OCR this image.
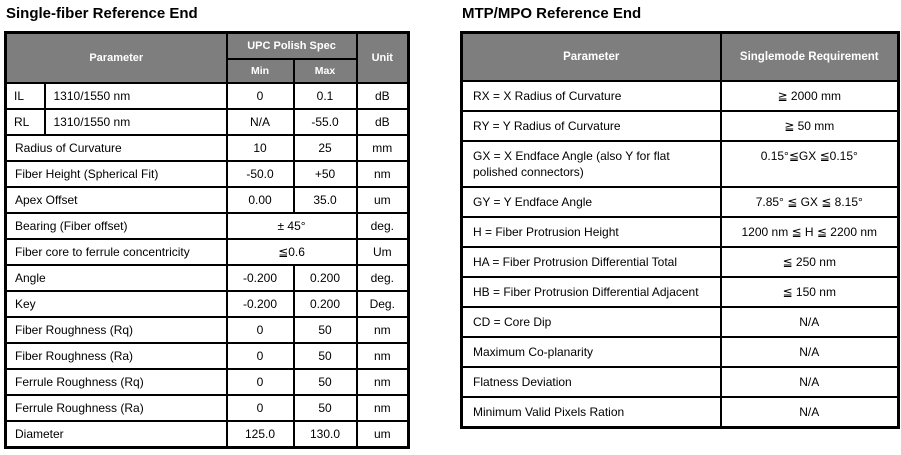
Single-fiber Reference End
Parameter		UPC Polish Spec		Unit
		Min	Max	
IL	1310/1550 nm	0	0.1	dB
RL	1310/1550 nm	N/A	-55.0	dB
Radius of Curvature		10	25	mm
Fiber Height (Spherical Fit)		-50.0	+50	nm
Apex Offset		0.00	35.0	um
Bearing (Fiber offset)		± 45°		deg.
Fiber core to ferrule concentricity		≦0.6		Um
Angle		-0.200	0.200	deg.
Key		-0.200	0.200	Deg.
Fiber Roughness (Rq)		0	50	nm
Fiber Roughness (Ra)		0	50	nm
Ferrule Roughness (Rq)		0	50	nm
Ferrule Roughness (Ra)		0	50	nm
Diameter		125.0	130.0	um
MTP/MPO Reference End
Parameter	Singlemode Requirement
RX = X Radius of Curvature	≧ 2000 mm
RY = Y Radius of Curvature	≧ 50 mm
GX = X Endface Angle (also Y for flat polished connectors)	0.15°≦GX ≦0.15°
GY = Y Endface Angle	7.85° ≦ GX ≦ 8.15°
H = Fiber Protrusion Height	1200 nm ≦ H ≦ 2200 nm
HA = Fiber Protrusion Differential Total	≦ 250 nm
HB = Fiber Protrusion Differential Adjacent	≦ 150 nm
CD = Core Dip	N/A
Maximum Co-planarity	N/A
Flatness Deviation	N/A
Minimum Valid Pixels Ration	N/A
